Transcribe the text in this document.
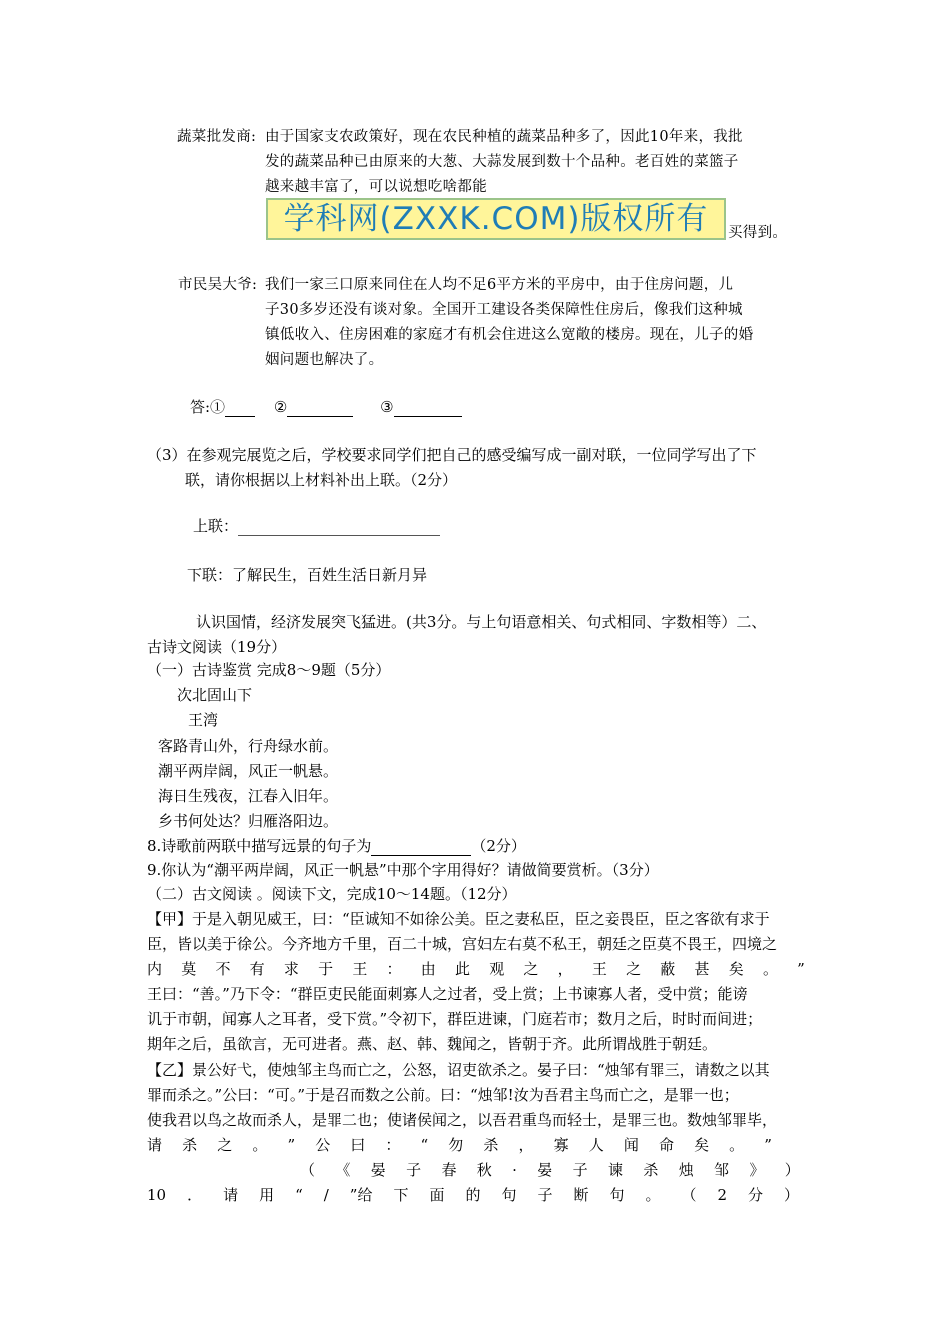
蔬菜批发商: 由于国家支农政策好，现在农民种植的蔬菜品种多了，因此10年来，我批
发的蔬菜品种已由原来的大葱、大蒜发展到数十个品种。老百姓的菜篮子
越来越丰富了，可以说想吃啥都能
学科网(ZXXK.COM)版权所有	买得到。
市民吴大爷: 我们一家三口原来同住在人均不足6平方米的平房中，由于住房问题，儿
子30多岁还没有谈对象。全国开工建设各类保障性住房后，像我们这种城
镇低收入、住房困难的家庭才有机会住进这么宽敞的楼房。现在，儿子的婚
姻问题也解决了。
答:①	②	③
（3）在参观完展览之后，学校要求同学们把自己的感受编写成一副对联，一位同学写出了下
联，请你根据以上材料补出上联。（2分）
上联：
下联：了解民生，百姓生活日新月异
认识国情，经济发展突飞猛进。(共3分。与上句语意相关、句式相同、字数相等）二、
古诗文阅读（19分）
（一）古诗鉴赏 完成8～9题（5分）
次北固山下
王湾
客路青山外，行舟绿水前。
潮平两岸阔，风正一帆悬。
海日生残夜，江春入旧年。
乡书何处达？归雁洛阳边。
8.诗歌前两联中描写远景的句子为	（2分）
9.你认为“潮平两岸阔，风正一帆悬”中那个字用得好？请做简要赏析。（3分）
（二）古文阅读 。阅读下文，完成10～14题。（12分）
【甲】于是入朝见威王，曰：“臣诚知不如徐公美。臣之妻私臣，臣之妾畏臣，臣之客欲有求于
臣，皆以美于徐公。今齐地方千里，百二十城，宫妇左右莫不私王，朝廷之臣莫不畏王，四境之
内 莫 不 有 求 于 王 ： 由 此 观 之 ， 王 之 蔽 甚 矣 。 ”
王曰：“善。”乃下令：“群臣吏民能面刺寡人之过者，受上赏；上书谏寡人者，受中赏；能谤
讥于市朝，闻寡人之耳者，受下赏。”令初下，群臣进谏，门庭若市；数月之后，时时而间进；
期年之后，虽欲言，无可进者。燕、赵、韩、魏闻之，皆朝于齐。此所谓战胜于朝廷。
【乙】景公好弋，使烛邹主鸟而亡之，公怒，诏吏欲杀之。晏子曰：“烛邹有罪三，请数之以其
罪而杀之。”公曰：“可。”于是召而数之公前。曰：“烛邹!汝为吾君主鸟而亡之，是罪一也；
使我君以鸟之故而杀人，是罪二也；使诸侯闻之，以吾君重鸟而轻士，是罪三也。数烛邹罪毕，
请 杀 之 。 ” 公 曰 ： “ 勿 杀 ， 寡 人 闻 命 矣 。 ”
（ 《 晏 子 春 秋 · 晏 子 谏 杀 烛 邹 》 ）
10 ． 请 用 “ / ”给 下 面 的 句 子 断 句 。 （ 2 分 ）
